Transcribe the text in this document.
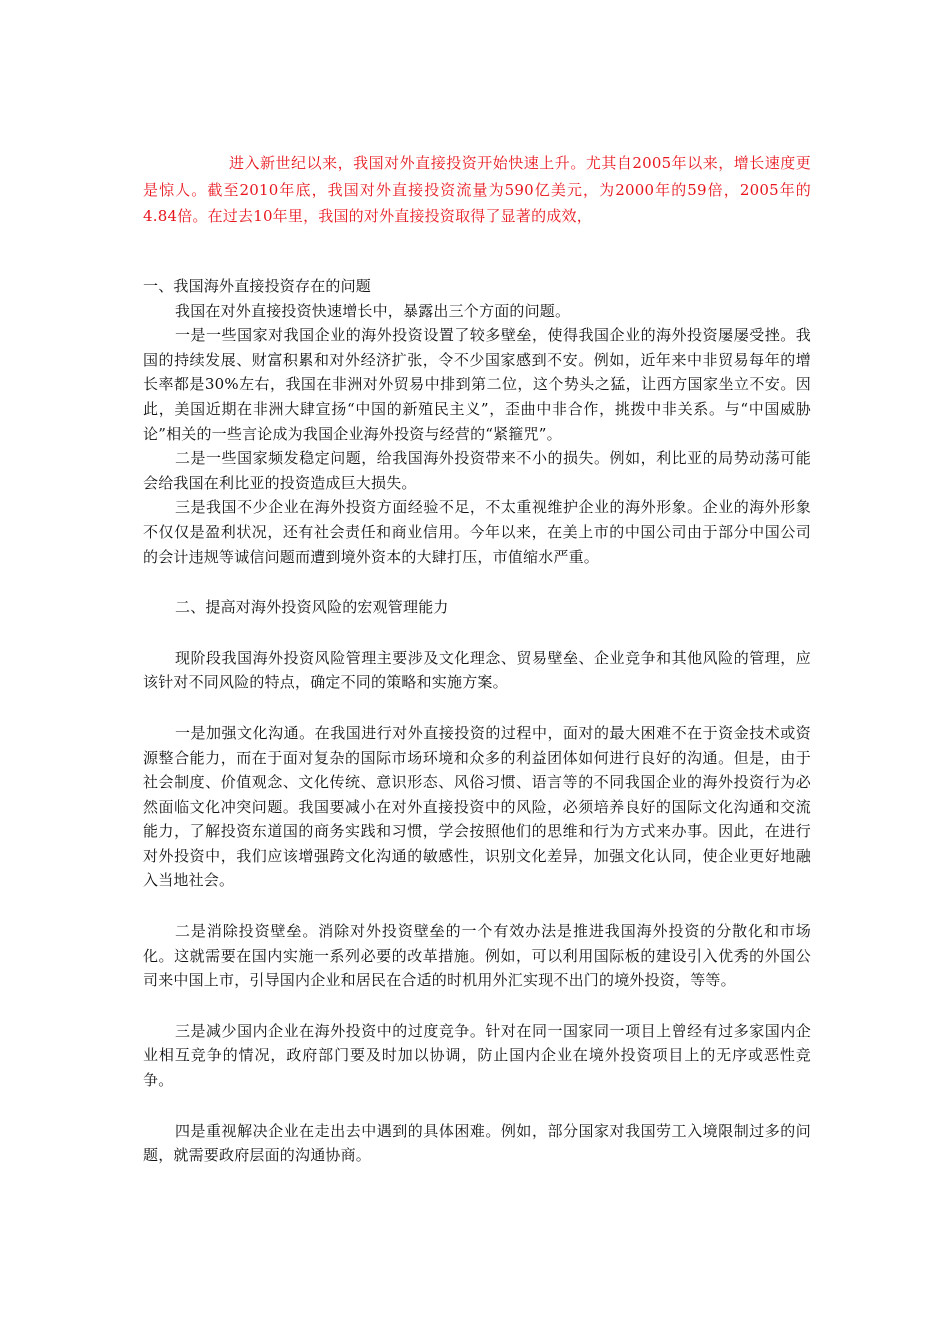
进入新世纪以来，我国对外直接投资开始快速上升。尤其自2005年以来，增长速度更是惊人。截至2010年底，我国对外直接投资流量为590亿美元，为2000年的59倍，2005年的4.84倍。在过去10年里，我国的对外直接投资取得了显著的成效，

一、我国海外直接投资存在的问题

我国在对外直接投资快速增长中，暴露出三个方面的问题。

一是一些国家对我国企业的海外投资设置了较多壁垒，使得我国企业的海外投资屡屡受挫。我国的持续发展、财富积累和对外经济扩张，令不少国家感到不安。例如，近年来中非贸易每年的增长率都是30%左右，我国在非洲对外贸易中排到第二位，这个势头之猛，让西方国家坐立不安。因此，美国近期在非洲大肆宣扬“中国的新殖民主义”，歪曲中非合作，挑拨中非关系。与“中国威胁论”相关的一些言论成为我国企业海外投资与经营的“紧箍咒”。

二是一些国家频发稳定问题，给我国海外投资带来不小的损失。例如，利比亚的局势动荡可能会给我国在利比亚的投资造成巨大损失。

三是我国不少企业在海外投资方面经验不足，不太重视维护企业的海外形象。企业的海外形象不仅仅是盈利状况，还有社会责任和商业信用。今年以来，在美上市的中国公司由于部分中国公司的会计违规等诚信问题而遭到境外资本的大肆打压，市值缩水严重。

二、提高对海外投资风险的宏观管理能力

现阶段我国海外投资风险管理主要涉及文化理念、贸易壁垒、企业竞争和其他风险的管理，应该针对不同风险的特点，确定不同的策略和实施方案。

一是加强文化沟通。在我国进行对外直接投资的过程中，面对的最大困难不在于资金技术或资源整合能力，而在于面对复杂的国际市场环境和众多的利益团体如何进行良好的沟通。但是，由于社会制度、价值观念、文化传统、意识形态、风俗习惯、语言等的不同我国企业的海外投资行为必然面临文化冲突问题。我国要减小在对外直接投资中的风险，必须培养良好的国际文化沟通和交流能力，了解投资东道国的商务实践和习惯，学会按照他们的思维和行为方式来办事。因此，在进行对外投资中，我们应该增强跨文化沟通的敏感性，识别文化差异，加强文化认同，使企业更好地融入当地社会。

二是消除投资壁垒。消除对外投资壁垒的一个有效办法是推进我国海外投资的分散化和市场化。这就需要在国内实施一系列必要的改革措施。例如，可以利用国际板的建设引入优秀的外国公司来中国上市，引导国内企业和居民在合适的时机用外汇实现不出门的境外投资，等等。

三是减少国内企业在海外投资中的过度竞争。针对在同一国家同一项目上曾经有过多家国内企业相互竞争的情况，政府部门要及时加以协调，防止国内企业在境外投资项目上的无序或恶性竞争。

四是重视解决企业在走出去中遇到的具体困难。例如，部分国家对我国劳工入境限制过多的问题，就需要政府层面的沟通协商。
